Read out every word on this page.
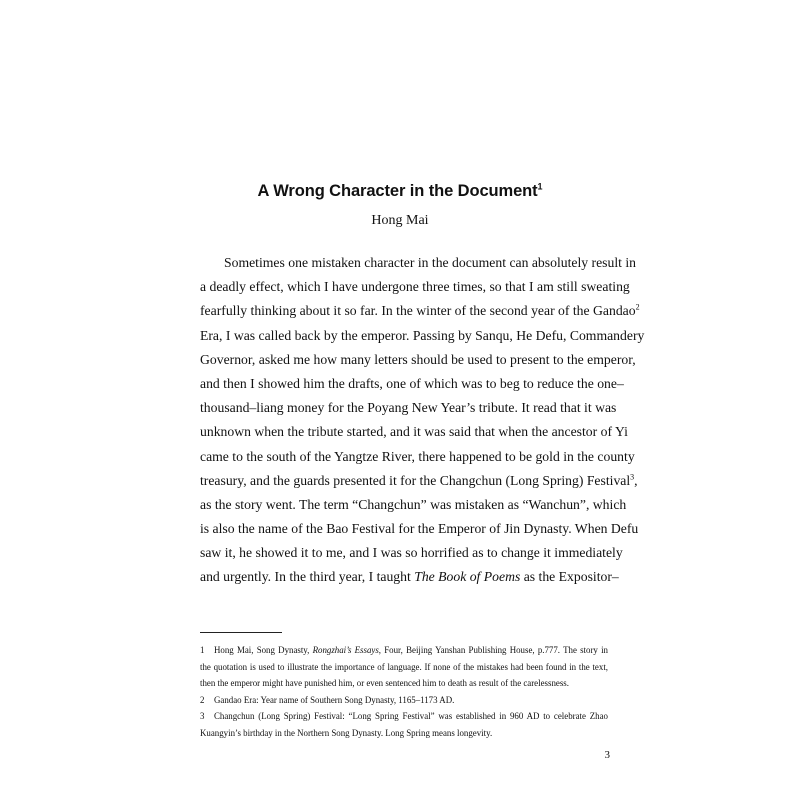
A Wrong Character in the Document$^1$
Hong Mai
Sometimes one mistaken character in the document can absolutely result in
a deadly effect, which I have undergone three times, so that I am still sweating
fearfully thinking about it so far. In the winter of the second year of the Gandao$^2$
Era, I was called back by the emperor. Passing by Sanqu, He Defu, Commandery
Governor, asked me how many letters should be used to present to the emperor,
and then I showed him the drafts, one of which was to beg to reduce the one–
thousand–liang money for the Poyang New Year’s tribute. It read that it was
unknown when the tribute started, and it was said that when the ancestor of Yi
came to the south of the Yangtze River, there happened to be gold in the county
treasury, and the guards presented it for the Changchun (Long Spring) Festival$^3$,
as the story went. The term “Changchun” was mistaken as “Wanchun”, which
is also the name of the Bao Festival for the Emperor of Jin Dynasty. When Defu
saw it, he showed it to me, and I was so horrified as to change it immediately
and urgently. In the third year, I taught The Book of Poems as the Expositor–
1 Hong Mai, Song Dynasty, Rongzhai’s Essays, Four, Beijing Yanshan Publishing House, p.777. The story in
the quotation is used to illustrate the importance of language. If none of the mistakes had been found in the text,
then the emperor might have punished him, or even sentenced him to death as result of the carelessness.
2 Gandao Era: Year name of Southern Song Dynasty, 1165–1173 AD.
3 Changchun (Long Spring) Festival: “Long Spring Festival” was established in 960 AD to celebrate Zhao
Kuangyin’s birthday in the Northern Song Dynasty. Long Spring means longevity.
3
